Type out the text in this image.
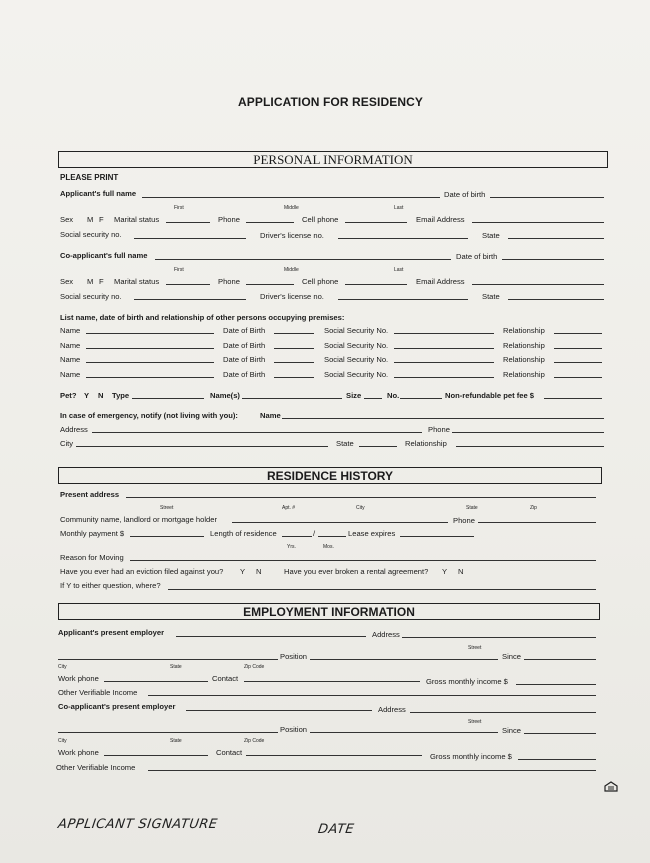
APPLICATION FOR RESIDENCY
PERSONAL INFORMATION
PLEASE PRINT
Applicant's full name	Date of birth
First	Middle	Last
Sex M F Marital status	Phone	Cell phone	Email Address
Social security no.	Driver's license no.	State
Co-applicant's full name	Date of birth
First	Middle	Last
Sex M F Marital status	Phone	Cell phone	Email Address
Social security no.	Driver's license no.	State
List name, date of birth and relationship of other persons occupying premises:
Name	Date of Birth	Social Security No.	Relationship
Name	Date of Birth	Social Security No.	Relationship
Name	Date of Birth	Social Security No.	Relationship
Name	Date of Birth	Social Security No.	Relationship
Pet? Y N Type	Name(s)	Size	No.	Non-refundable pet fee $
In case of emergency, notify (not living with you):	Name
Address	Phone
City	State	Relationship
RESIDENCE HISTORY
Present address
Street	Apt. #	City	State	Zip
Community name, landlord or mortgage holder	Phone
Monthly payment $	Length of residence	/	Lease expires
Yrs.	Mos.
Reason for Moving
Have you ever had an eviction filed against you? Y N	Have you ever broken a rental agreement? Y N
If Y to either question, where?
EMPLOYMENT INFORMATION
Applicant's present employer	Address
Street
Position	Since
City	State	Zip Code
Work phone	Contact	Gross monthly income $
Other Verifiable Income
Co-applicant's present employer	Address
Street
Position	Since
City	State	Zip Code
Work phone	Contact	Gross monthly income $
Other Verifiable Income
APPLICANT SIGNATURE	DATE
